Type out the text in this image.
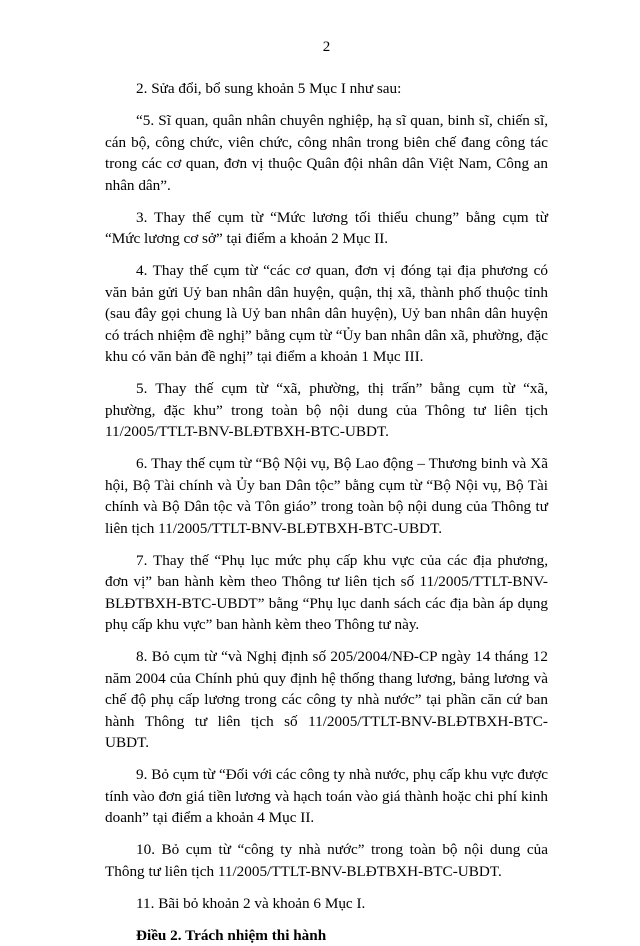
2

2. Sửa đổi, bổ sung khoản 5 Mục I như sau:

“5. Sĩ quan, quân nhân chuyên nghiệp, hạ sĩ quan, binh sĩ, chiến sĩ, cán bộ, công chức, viên chức, công nhân trong biên chế đang công tác trong các cơ quan, đơn vị thuộc Quân đội nhân dân Việt Nam, Công an nhân dân”.

3. Thay thế cụm từ “Mức lương tối thiểu chung” bằng cụm từ “Mức lương cơ sở” tại điểm a khoản 2 Mục II.

4. Thay thế cụm từ “các cơ quan, đơn vị đóng tại địa phương có văn bản gửi Uỷ ban nhân dân huyện, quận, thị xã, thành phố thuộc tỉnh (sau đây gọi chung là Uỷ ban nhân dân huyện), Uỷ ban nhân dân huyện có trách nhiệm đề nghị” bằng cụm từ “Ủy ban nhân dân xã, phường, đặc khu có văn bản đề nghị” tại điểm a khoản 1 Mục III.

5. Thay thế cụm từ “xã, phường, thị trấn” bằng cụm từ “xã, phường, đặc khu” trong toàn bộ nội dung của Thông tư liên tịch 11/2005/TTLT-BNV-BLĐTBXH-BTC-UBDT.

6. Thay thế cụm từ “Bộ Nội vụ, Bộ Lao động – Thương binh và Xã hội, Bộ Tài chính và Ủy ban Dân tộc” bằng cụm từ “Bộ Nội vụ, Bộ Tài chính và Bộ Dân tộc và Tôn giáo” trong toàn bộ nội dung của Thông tư liên tịch 11/2005/TTLT-BNV-BLĐTBXH-BTC-UBDT.

7. Thay thế “Phụ lục mức phụ cấp khu vực của các địa phương, đơn vị” ban hành kèm theo Thông tư liên tịch số 11/2005/TTLT-BNV-BLĐTBXH-BTC-UBDT” bằng “Phụ lục danh sách các địa bàn áp dụng phụ cấp khu vực” ban hành kèm theo Thông tư này.

8. Bỏ cụm từ “và Nghị định số 205/2004/NĐ-CP ngày 14 tháng 12 năm 2004 của Chính phủ quy định hệ thống thang lương, bảng lương và chế độ phụ cấp lương trong các công ty nhà nước” tại phần căn cứ ban hành Thông tư liên tịch số 11/2005/TTLT-BNV-BLĐTBXH-BTC-UBDT.

9. Bỏ cụm từ “Đối với các công ty nhà nước, phụ cấp khu vực được tính vào đơn giá tiền lương và hạch toán vào giá thành hoặc chi phí kinh doanh” tại điểm a khoản 4 Mục II.

10. Bỏ cụm từ “công ty nhà nước” trong toàn bộ nội dung của Thông tư liên tịch 11/2005/TTLT-BNV-BLĐTBXH-BTC-UBDT.

11. Bãi bỏ khoản 2 và khoản 6 Mục I.

Điều 2. Trách nhiệm thi hành
